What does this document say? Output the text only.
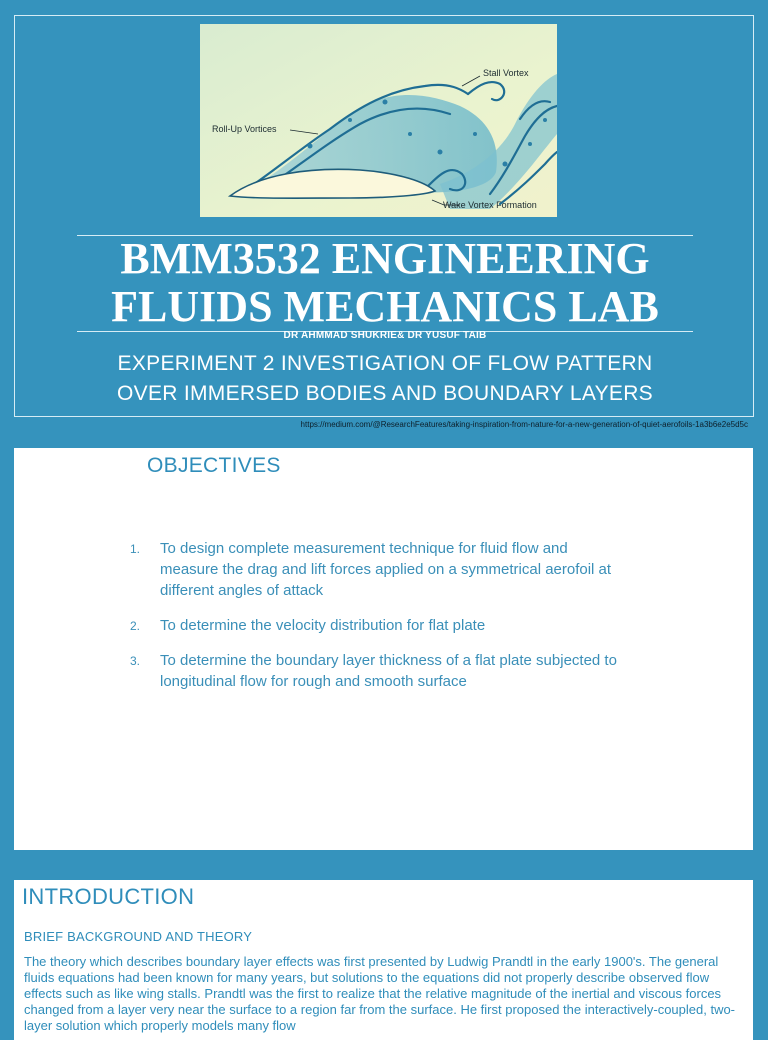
Stall Vortex
Roll-Up Vortices
Wake Vortex Formation
BMM3532 ENGINEERING
FLUIDS MECHANICS LAB
DR AHMMAD SHUKRIE& DR YUSUF TAIB
EXPERIMENT 2 INVESTIGATION OF FLOW PATTERN
OVER IMMERSED BODIES AND BOUNDARY LAYERS
https://medium.com/@ResearchFeatures/taking-inspiration-from-nature-for-a-new-generation-of-quiet-aerofoils-1a3b6e2e5d5c
OBJECTIVES
1. To design complete measurement technique for fluid flow and measure the drag and lift forces applied on a symmetrical aerofoil at different angles of attack
2. To determine the velocity distribution for flat plate
3. To determine the boundary layer thickness of a flat plate subjected to longitudinal flow for rough and smooth surface
INTRODUCTION
BRIEF BACKGROUND AND THEORY

The theory which describes boundary layer effects was first presented by Ludwig Prandtl in the early 1900's. The general fluids equations had been known for many years, but solutions to the equations did not properly describe observed flow effects such as like wing stalls. Prandtl was the first to realize that the relative magnitude of the inertial and viscous forces changed from a layer very near the surface to a region far from the surface. He first proposed the interactively-coupled, two-layer solution which properly models many flow
